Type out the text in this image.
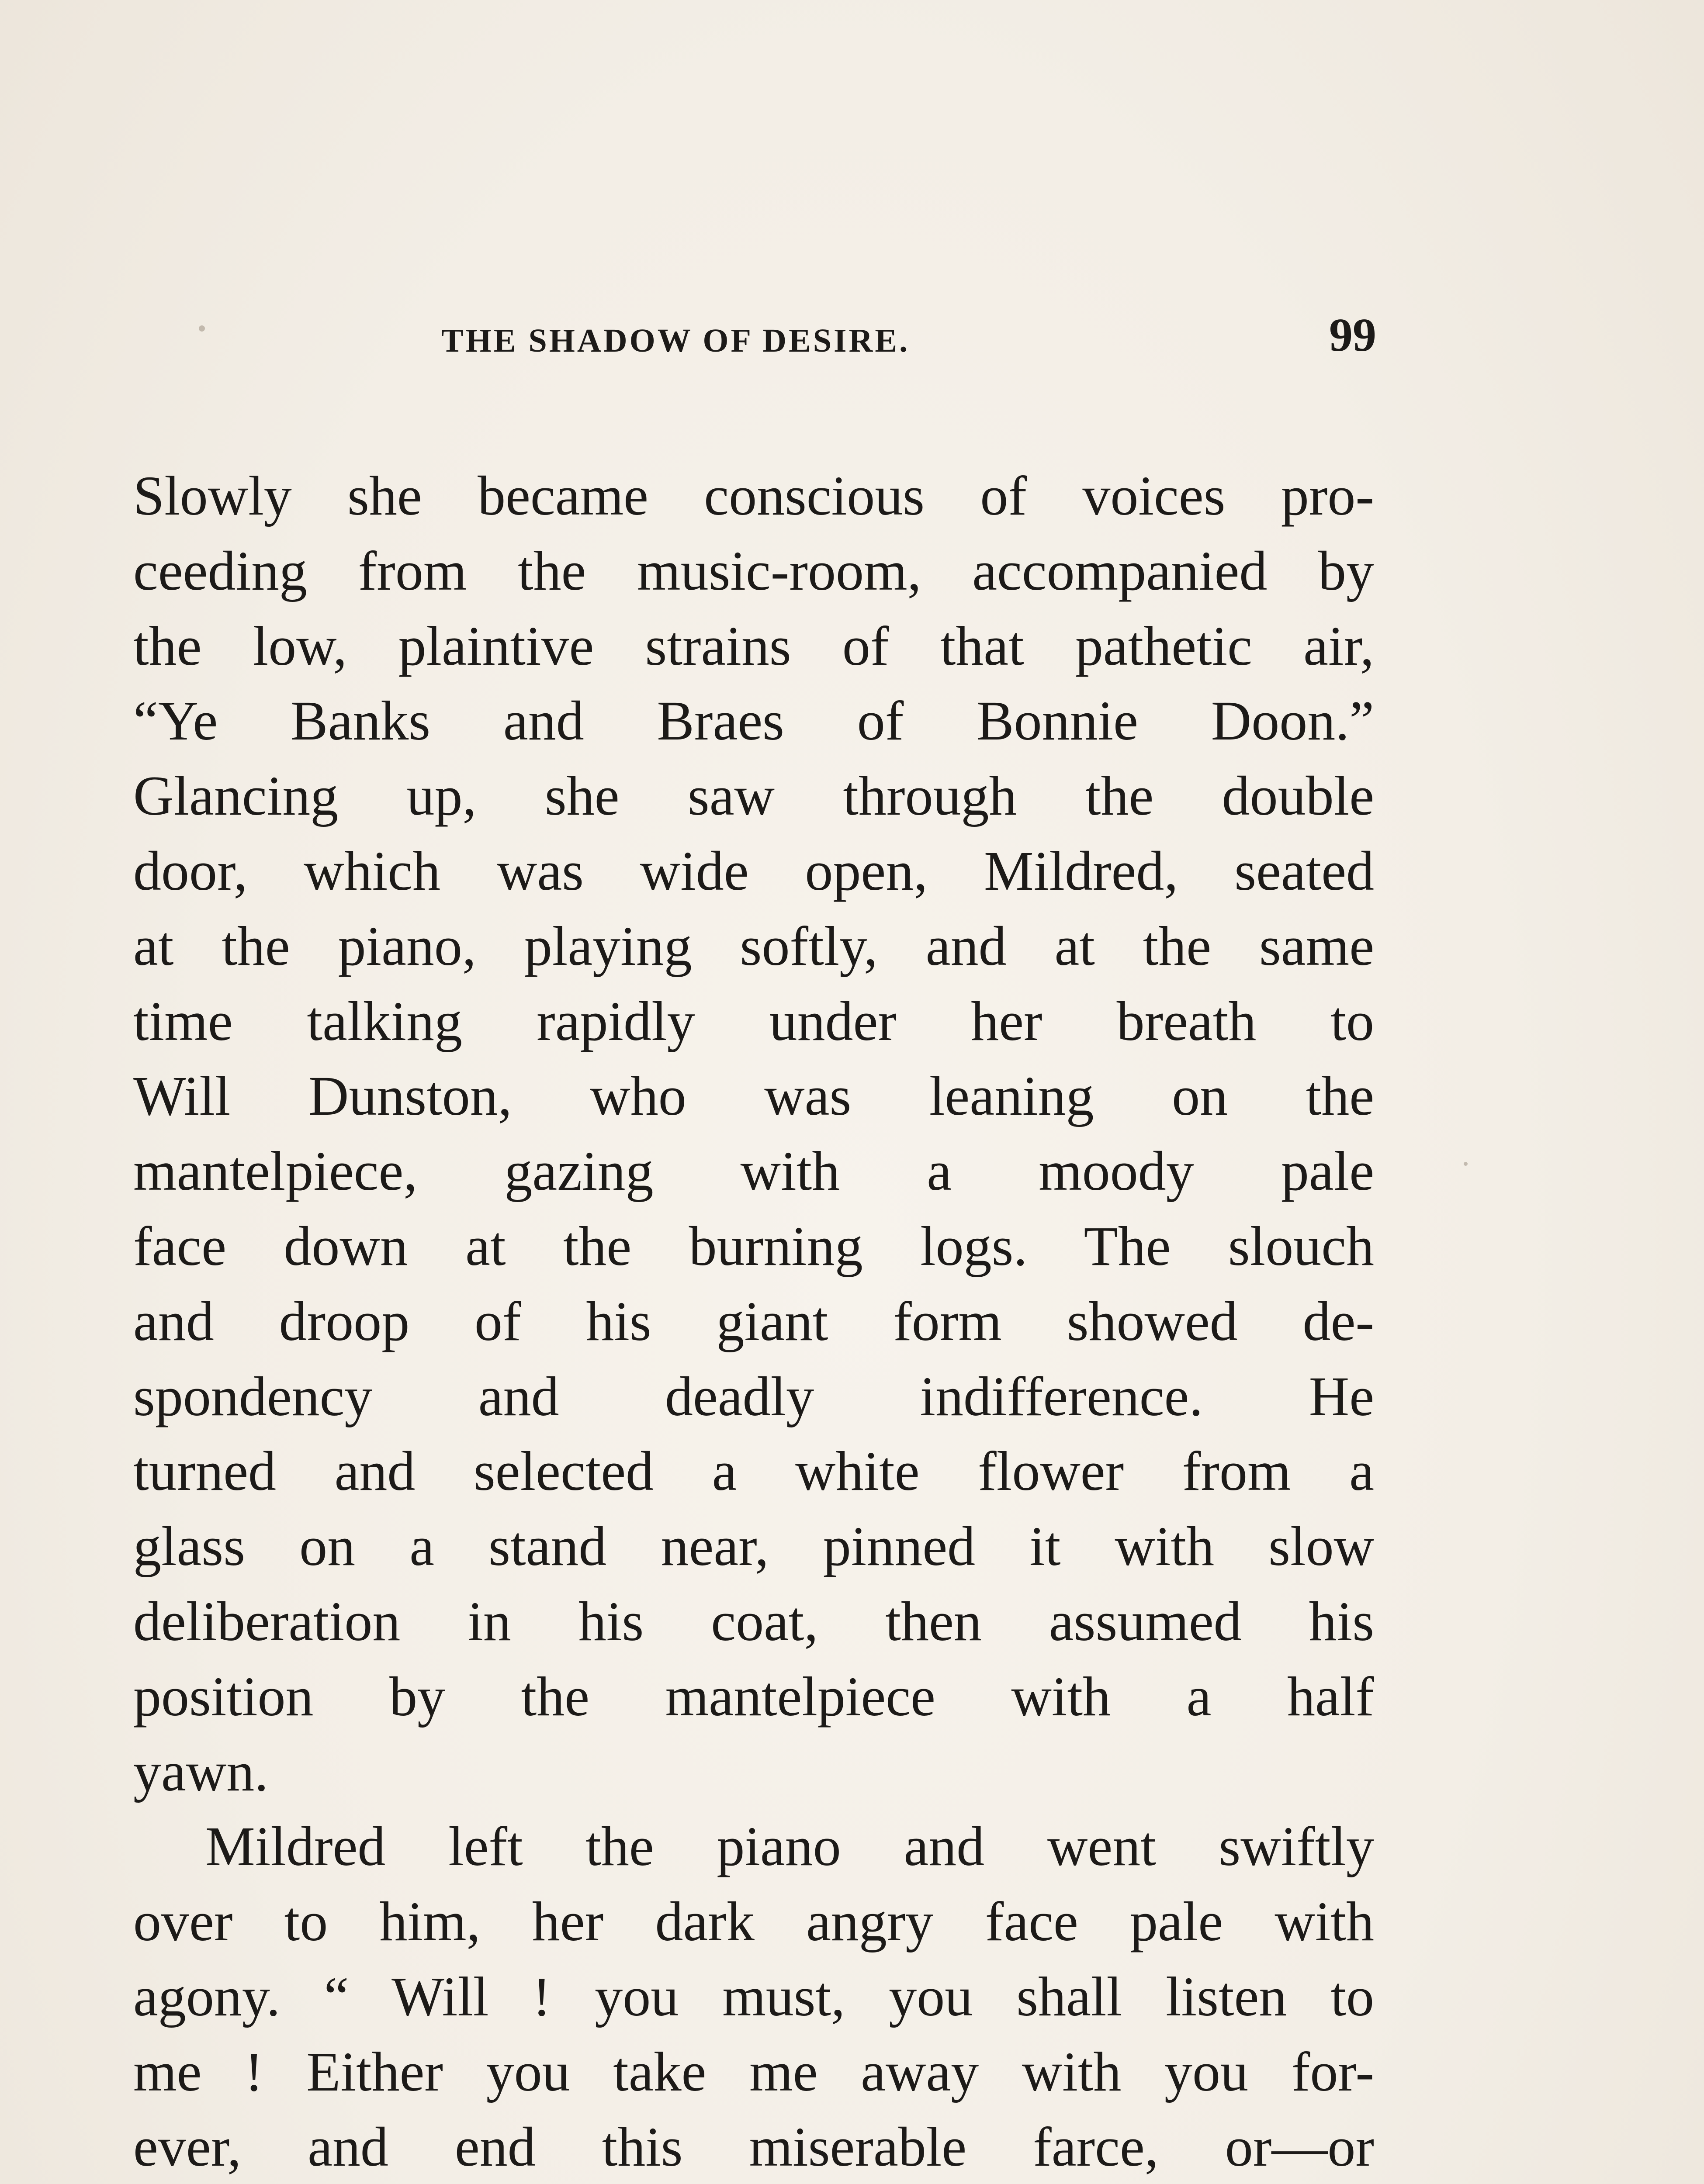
THE SHADOW OF DESIRE.	99
Slowly she became conscious of voices pro-
ceeding from the music-room, accompanied by
the low, plaintive strains of that pathetic air,
“Ye Banks and Braes of Bonnie Doon.”
Glancing up, she saw through the double
door, which was wide open, Mildred, seated
at the piano, playing softly, and at the same
time talking rapidly under her breath to
Will Dunston, who was leaning on the
mantelpiece, gazing with a moody pale
face down at the burning logs. The slouch
and droop of his giant form showed de-
spondency and deadly indifference. He
turned and selected a white flower from a
glass on a stand near, pinned it with slow
deliberation in his coat, then assumed his
position by the mantelpiece with a half
yawn.
Mildred left the piano and went swiftly
over to him, her dark angry face pale with
agony. “ Will ! you must, you shall listen to
me ! Either you take me away with you for-
ever, and end this miserable farce, or—or
